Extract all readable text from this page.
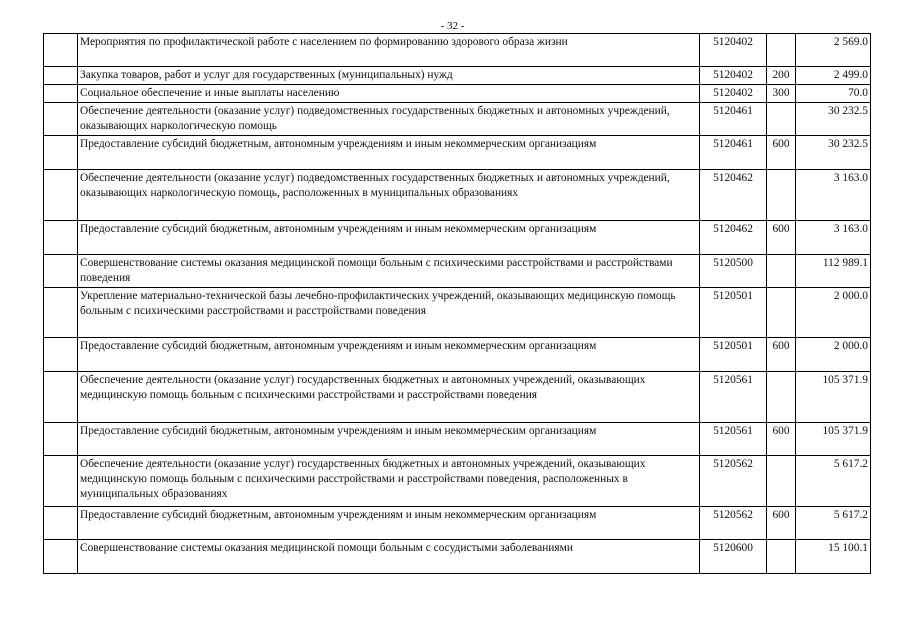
- 32 -
	Мероприятия по профилактической работе с населением по формированию здорового образа жизни	5120402		2 569.0
	Закупка товаров, работ и услуг для государственных (муниципальных) нужд	5120402	200	2 499.0
	Социальное обеспечение и иные выплаты населению	5120402	300	70.0
	Обеспечение деятельности (оказание услуг) подведомственных государственных бюджетных и автономных учреждений, оказывающих наркологическую помощь	5120461		30 232.5
	Предоставление субсидий бюджетным, автономным учреждениям и иным некоммерческим организациям	5120461	600	30 232.5
	Обеспечение деятельности (оказание услуг) подведомственных государственных бюджетных и автономных учреждений, оказывающих наркологическую помощь, расположенных в муниципальных образованиях	5120462		3 163.0
	Предоставление субсидий бюджетным, автономным учреждениям и иным некоммерческим организациям	5120462	600	3 163.0
	Совершенствование системы оказания медицинской помощи больным с психическими расстройствами и расстройствами поведения	5120500		112 989.1
	Укрепление материально-технической базы лечебно-профилактических учреждений, оказывающих медицинскую помощь больным с психическими расстройствами и расстройствами поведения	5120501		2 000.0
	Предоставление субсидий бюджетным, автономным учреждениям и иным некоммерческим организациям	5120501	600	2 000.0
	Обеспечение деятельности (оказание услуг) государственных бюджетных и автономных учреждений, оказывающих медицинскую помощь больным с психическими расстройствами и расстройствами поведения	5120561		105 371.9
	Предоставление субсидий бюджетным, автономным учреждениям и иным некоммерческим организациям	5120561	600	105 371.9
	Обеспечение деятельности (оказание услуг) государственных бюджетных и автономных учреждений, оказывающих медицинскую помощь больным с психическими расстройствами и расстройствами поведения, расположенных в муниципальных образованиях	5120562		5 617.2
	Предоставление субсидий бюджетным, автономным учреждениям и иным некоммерческим организациям	5120562	600	5 617.2
	Совершенствование системы оказания медицинской помощи больным с сосудистыми заболеваниями	5120600		15 100.1
